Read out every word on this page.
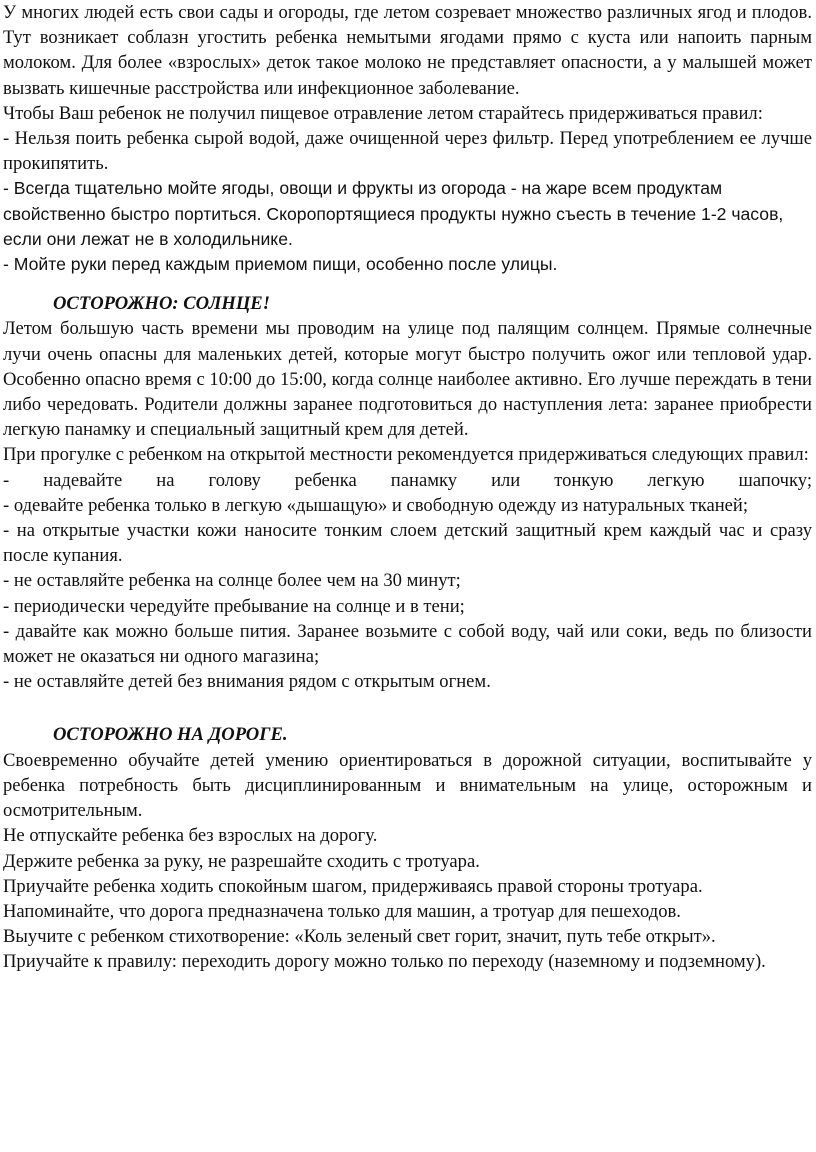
У многих людей есть свои сады и огороды, где летом созревает множество различных ягод и плодов. Тут возникает соблазн угостить ребенка немытыми ягодами прямо с куста или напоить парным молоком. Для более «взрослых» деток такое молоко не представляет опасности, а у малышей может вызвать кишечные расстройства или инфекционное заболевание.

Чтобы Ваш ребенок не получил пищевое отравление летом старайтесь придерживаться правил:

- Нельзя поить ребенка сырой водой, даже очищенной через фильтр. Перед употреблением ее лучше прокипятить.

- Всегда тщательно мойте ягоды, овощи и фрукты из огорода - на жаре всем продуктам свойственно быстро портиться. Скоропортящиеся продукты нужно съесть в течение 1-2 часов, если они лежат не в холодильнике.

- Мойте руки перед каждым приемом пищи, особенно после улицы.

ОСТОРОЖНО: СОЛНЦЕ!

Летом большую часть времени мы проводим на улице под палящим солнцем. Прямые солнечные лучи очень опасны для маленьких детей, которые могут быстро получить ожог или тепловой удар. Особенно опасно время с 10:00 до 15:00, когда солнце наиболее активно. Его лучше переждать в тени либо чередовать. Родители должны заранее подготовиться до наступления лета: заранее приобрести легкую панамку и специальный защитный крем для детей.

При прогулке с ребенком на открытой местности рекомендуется придерживаться следующих правил:

- надевайте на голову ребенка панамку или тонкую легкую шапочку;

- одевайте ребенка только в легкую «дышащую» и свободную одежду из натуральных тканей;

- на открытые участки кожи наносите тонким слоем детский защитный крем каждый час и сразу после купания.

- не оставляйте ребенка на солнце более чем на 30 минут;

- периодически чередуйте пребывание на солнце и в тени;

- давайте как можно больше пития. Заранее возьмите с собой воду, чай или соки, ведь по близости может не оказаться ни одного магазина;

- не оставляйте детей без внимания рядом с открытым огнем.

ОСТОРОЖНО НА ДОРОГЕ.

Своевременно обучайте детей умению ориентироваться в дорожной ситуации, воспитывайте у ребенка потребность быть дисциплинированным и внимательным на улице, осторожным и осмотрительным.

Не отпускайте ребенка без взрослых на дорогу.

Держите ребенка за руку, не разрешайте сходить с тротуара.

Приучайте ребенка ходить спокойным шагом, придерживаясь правой стороны тротуара.

Напоминайте, что дорога предназначена только для машин, а тротуар для пешеходов.

Выучите с ребенком стихотворение: «Коль зеленый свет горит, значит, путь тебе открыт».

Приучайте к правилу: переходить дорогу можно только по переходу (наземному и подземному).
